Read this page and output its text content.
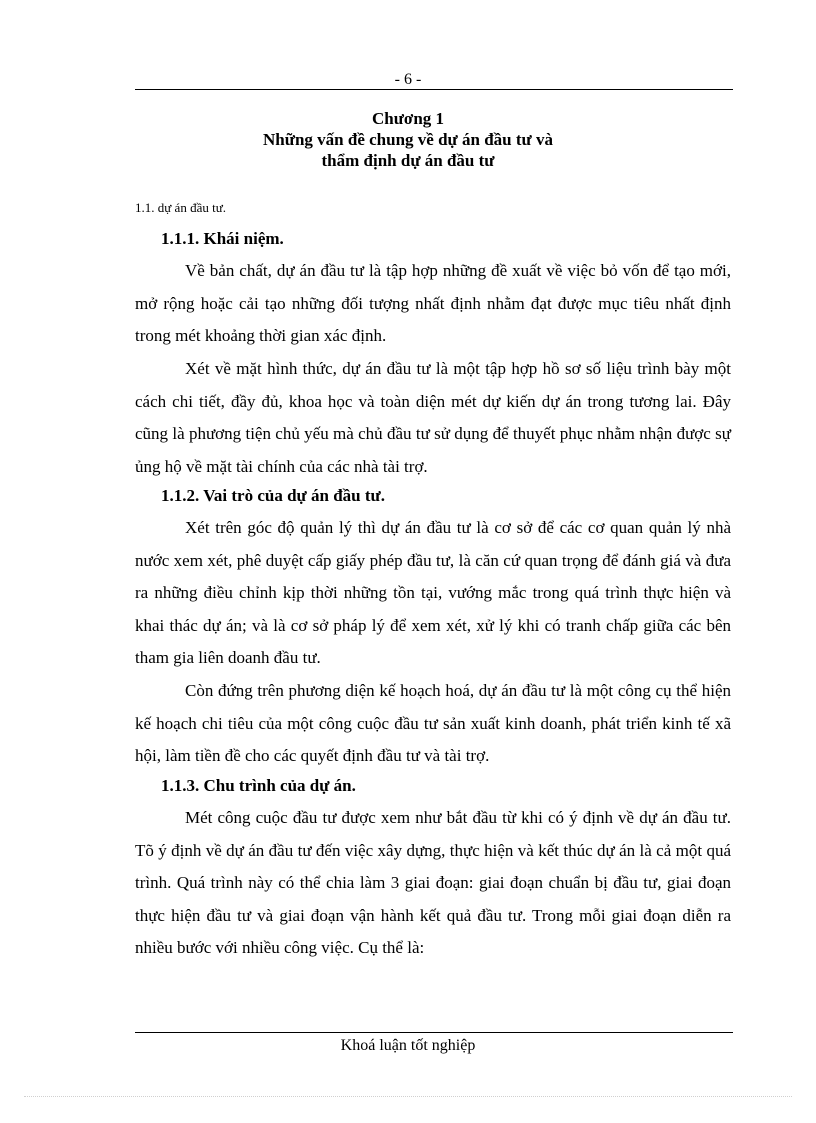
- 6 -
Chương 1
Những vấn đề chung về dự án đầu tư và
thẩm định dự án đầu tư
1.1. dự án đầu tư.
1.1.1. Khái niệm.

Về bản chất, dự án đầu tư là tập hợp những đề xuất về việc bỏ vốn để tạo mới, mở rộng hoặc cải tạo những đối tượng nhất định nhằm đạt được mục tiêu nhất định trong mét khoảng thời gian xác định.

Xét về mặt hình thức, dự án đầu tư là một tập hợp hồ sơ số liệu trình bày một cách chi tiết, đầy đủ, khoa học và toàn diện mét dự kiến dự án trong tương lai. Đây cũng là phương tiện chủ yếu mà chủ đầu tư sử dụng để thuyết phục nhằm nhận được sự ủng hộ về mặt tài chính của các nhà tài trợ.

1.1.2. Vai trò của dự án đầu tư.

Xét trên góc độ quản lý thì dự án đầu tư là cơ sở để các cơ quan quản lý nhà nước xem xét, phê duyệt cấp giấy phép đầu tư, là căn cứ quan trọng để đánh giá và đưa ra những điều chỉnh kịp thời những tồn tại, vướng mắc trong quá trình thực hiện và khai thác dự án; và là cơ sở pháp lý để xem xét, xử lý khi có tranh chấp giữa các bên tham gia liên doanh đầu tư.

Còn đứng trên phương diện kế hoạch hoá, dự án đầu tư là một công cụ thể hiện kế hoạch chi tiêu của một công cuộc đầu tư sản xuất kinh doanh, phát triển kinh tế xã hội, làm tiền đề cho các quyết định đầu tư và tài trợ.

1.1.3. Chu trình của dự án.

Mét công cuộc đầu tư được xem như bắt đầu từ khi có ý định về dự án đầu tư. Tõ ý định về dự án đầu tư đến việc xây dựng, thực hiện và kết thúc dự án là cả một quá trình. Quá trình này có thể chia làm 3 giai đoạn: giai đoạn chuẩn bị đầu tư, giai đoạn thực hiện đầu tư và giai đoạn vận hành kết quả đầu tư. Trong mỗi giai đoạn diễn ra nhiều bước với nhiều công việc. Cụ thể là:

Khoá luận tốt nghiệp
